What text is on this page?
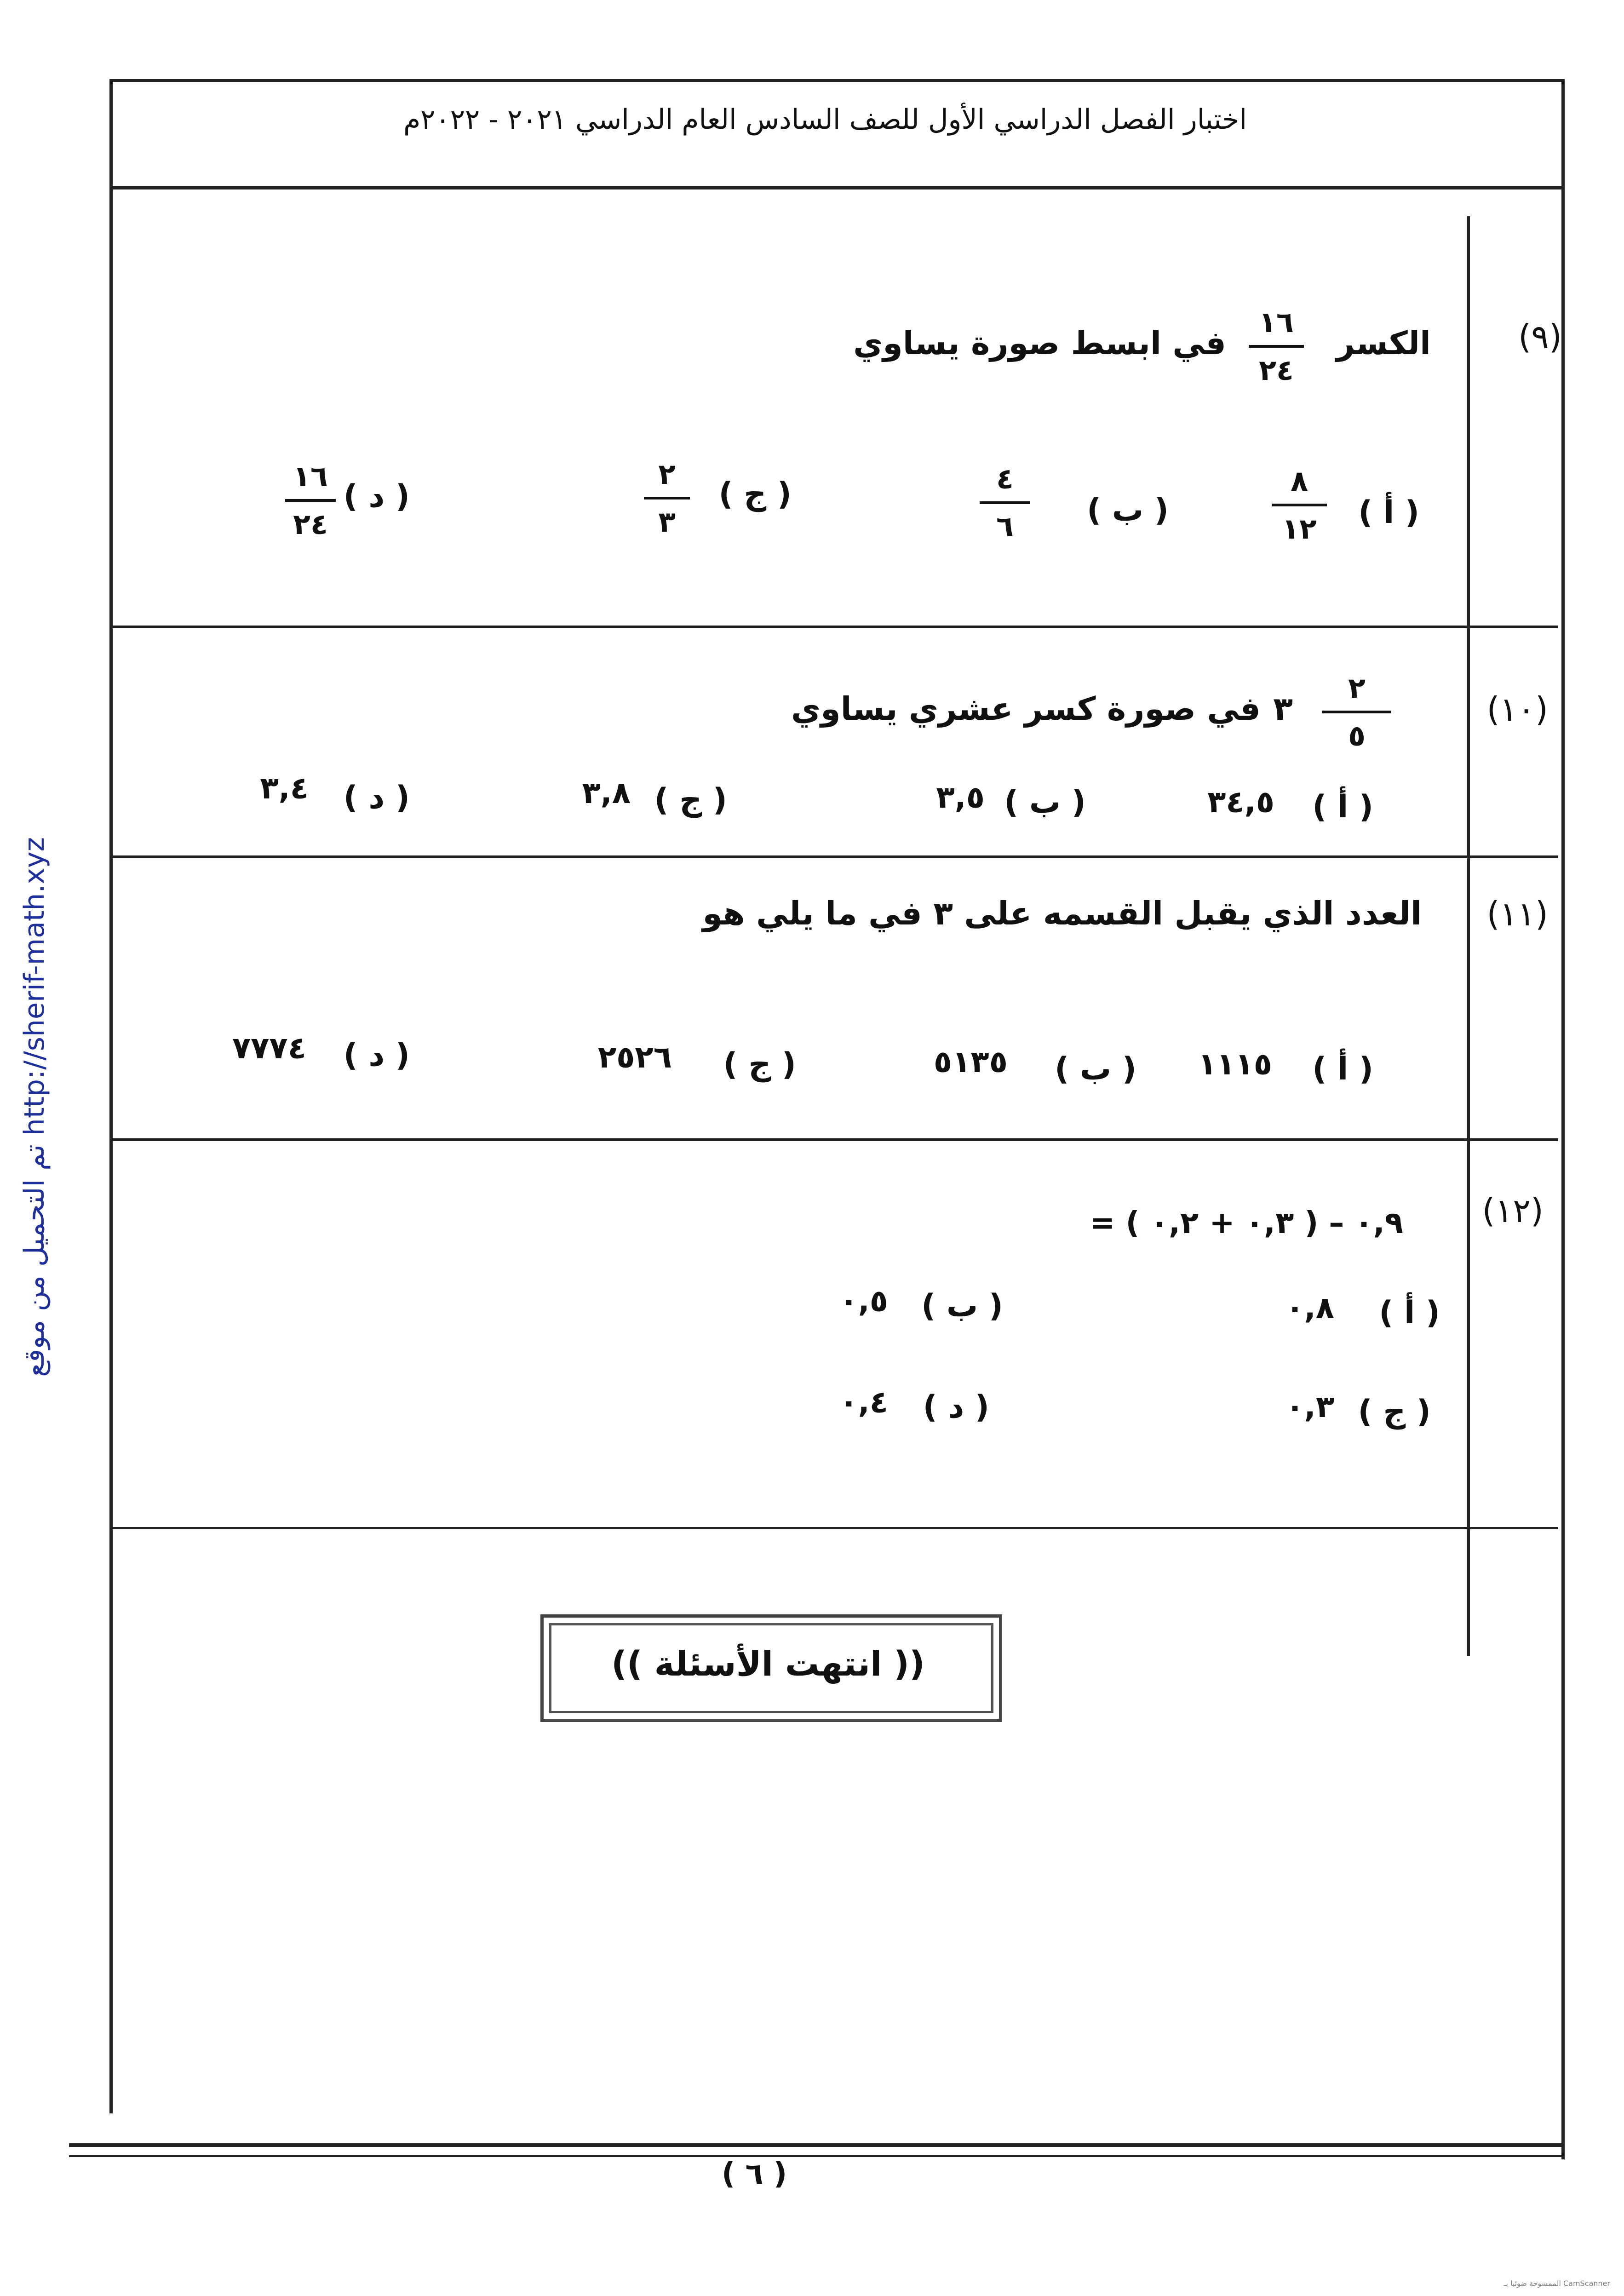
اختبار الفصل الدراسي الأول للصف السادس العام الدراسي ٢٠٢١ - ٢٠٢٢م
تم التحميل من موقع http://sherif-math.xyz
(٩)
الكسر
١٦
٢٤
في ابسط صورة يساوي
( أ )
٨
١٢
( ب )
٤
٦
( ج )
٢
٣
( د )
١٦
٢٤
(١٠)
٢
٥
٣
في صورة كسر عشري يساوي
( أ )
٣٤,٥
( ب )
٣,٥
( ج )
٣,٨
( د )
٣,٤
(١١)
العدد الذي يقبل القسمه على ٣ في ما يلي هو
( أ )
١١١٥
( ب )
٥١٣٥
( ج )
٢٥٢٦
( د )
٧٧٧٤
(١٢)
٠,٩ – ( ٠,٣ + ٠,٢ ) =
( أ )
٠,٨
( ب )
٠,٥
( ج )
٠,٣
( د )
٠,٤
(( انتهت الأسئلة ))
( ٦ )
CamScanner الممسوحة ضوئيا بـ
